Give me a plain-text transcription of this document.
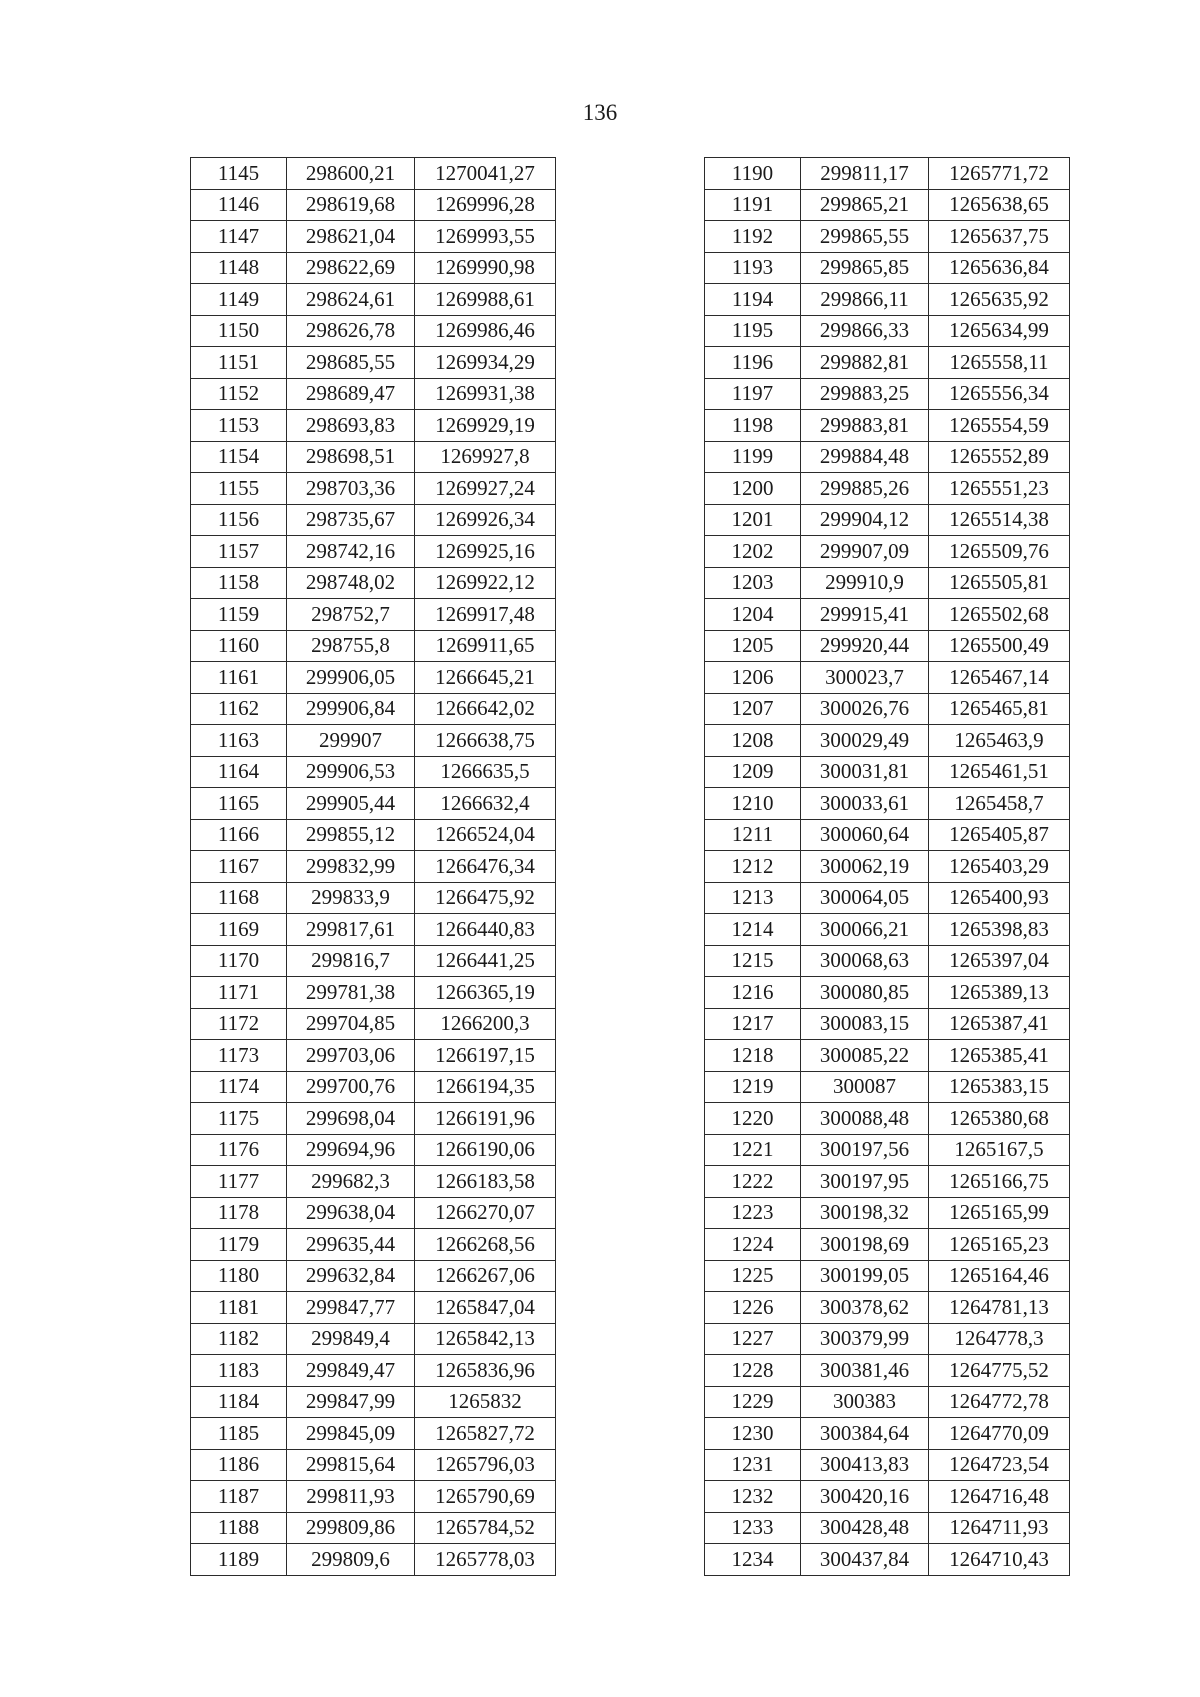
136
1145	298600,21	1270041,27
1146	298619,68	1269996,28
1147	298621,04	1269993,55
1148	298622,69	1269990,98
1149	298624,61	1269988,61
1150	298626,78	1269986,46
1151	298685,55	1269934,29
1152	298689,47	1269931,38
1153	298693,83	1269929,19
1154	298698,51	1269927,8
1155	298703,36	1269927,24
1156	298735,67	1269926,34
1157	298742,16	1269925,16
1158	298748,02	1269922,12
1159	298752,7	1269917,48
1160	298755,8	1269911,65
1161	299906,05	1266645,21
1162	299906,84	1266642,02
1163	299907	1266638,75
1164	299906,53	1266635,5
1165	299905,44	1266632,4
1166	299855,12	1266524,04
1167	299832,99	1266476,34
1168	299833,9	1266475,92
1169	299817,61	1266440,83
1170	299816,7	1266441,25
1171	299781,38	1266365,19
1172	299704,85	1266200,3
1173	299703,06	1266197,15
1174	299700,76	1266194,35
1175	299698,04	1266191,96
1176	299694,96	1266190,06
1177	299682,3	1266183,58
1178	299638,04	1266270,07
1179	299635,44	1266268,56
1180	299632,84	1266267,06
1181	299847,77	1265847,04
1182	299849,4	1265842,13
1183	299849,47	1265836,96
1184	299847,99	1265832
1185	299845,09	1265827,72
1186	299815,64	1265796,03
1187	299811,93	1265790,69
1188	299809,86	1265784,52
1189	299809,6	1265778,03
1190	299811,17	1265771,72
1191	299865,21	1265638,65
1192	299865,55	1265637,75
1193	299865,85	1265636,84
1194	299866,11	1265635,92
1195	299866,33	1265634,99
1196	299882,81	1265558,11
1197	299883,25	1265556,34
1198	299883,81	1265554,59
1199	299884,48	1265552,89
1200	299885,26	1265551,23
1201	299904,12	1265514,38
1202	299907,09	1265509,76
1203	299910,9	1265505,81
1204	299915,41	1265502,68
1205	299920,44	1265500,49
1206	300023,7	1265467,14
1207	300026,76	1265465,81
1208	300029,49	1265463,9
1209	300031,81	1265461,51
1210	300033,61	1265458,7
1211	300060,64	1265405,87
1212	300062,19	1265403,29
1213	300064,05	1265400,93
1214	300066,21	1265398,83
1215	300068,63	1265397,04
1216	300080,85	1265389,13
1217	300083,15	1265387,41
1218	300085,22	1265385,41
1219	300087	1265383,15
1220	300088,48	1265380,68
1221	300197,56	1265167,5
1222	300197,95	1265166,75
1223	300198,32	1265165,99
1224	300198,69	1265165,23
1225	300199,05	1265164,46
1226	300378,62	1264781,13
1227	300379,99	1264778,3
1228	300381,46	1264775,52
1229	300383	1264772,78
1230	300384,64	1264770,09
1231	300413,83	1264723,54
1232	300420,16	1264716,48
1233	300428,48	1264711,93
1234	300437,84	1264710,43
